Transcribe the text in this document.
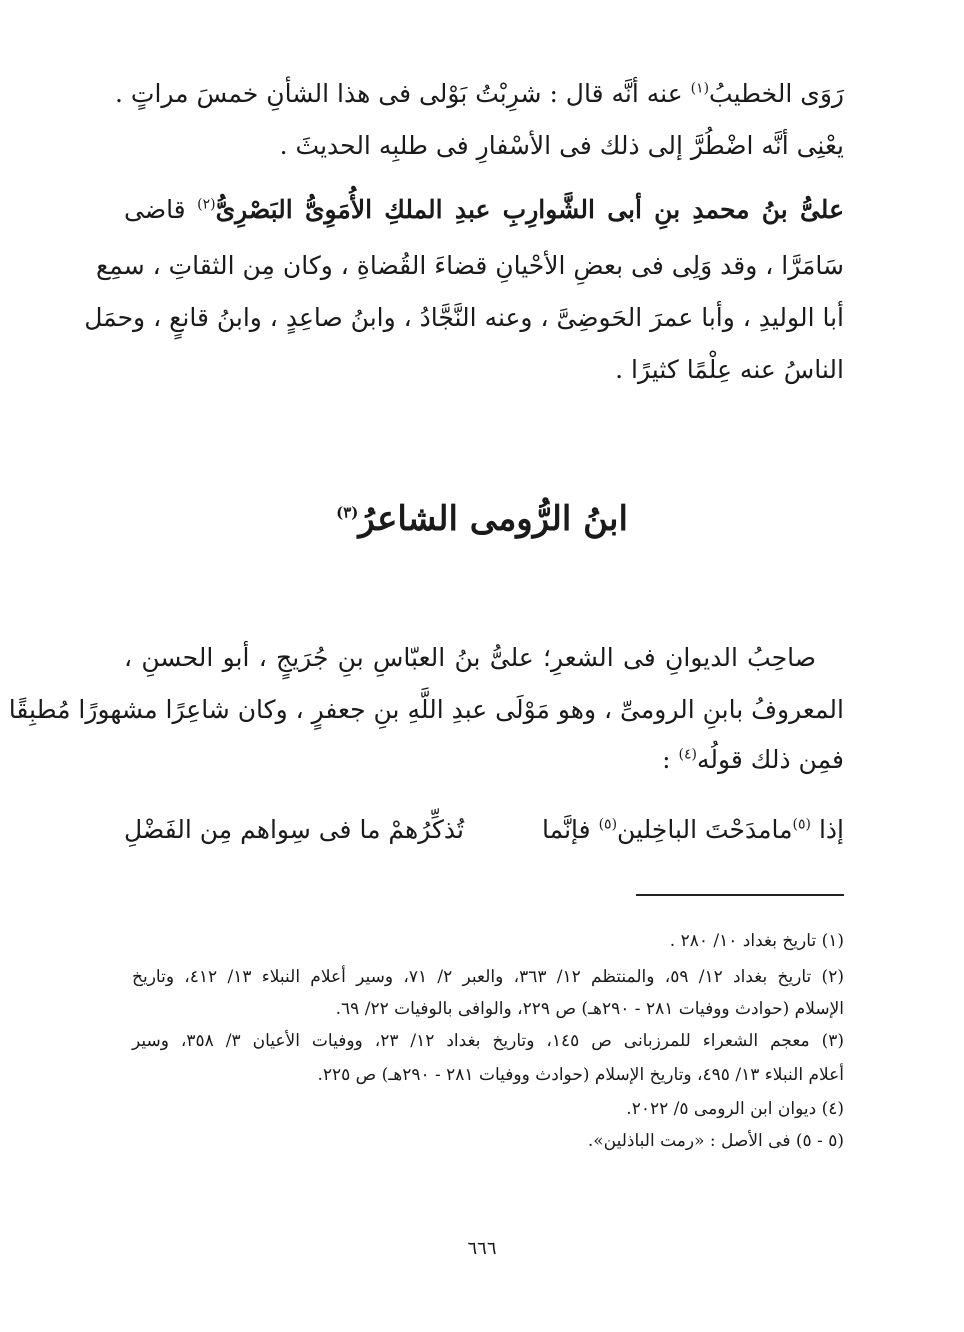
رَوَى الخطيبُ$^{(١)}$ عنه أنَّه قال : شرِبْتُ بَوْلى فى هذا الشأنِ خمسَ مراتٍ .
يعْنِى أنَّه اضْطُرَّ إلى ذلك فى الأسْفارِ فى طلبِه الحديثَ .
علىُّ بنُ محمدِ بنِ أبى الشَّوارِبِ عبدِ الملكِ الأُمَوِىُّ البَصْرِىُّ$^{(٢)}$ قاضى
سَامَرَّا ، وقد وَلِى فى بعضِ الأحْيانِ قضاءَ القُضاةِ ، وكان مِن الثقاتِ ، سمِع
أبا الوليدِ ، وأبا عمرَ الحَوضِىَّ ، وعنه النَّجَّادُ ، وابنُ صاعِدٍ ، وابنُ قانعٍ ، وحمَل
الناسُ عنه عِلْمًا كثيرًا .
ابنُ الرُّومى الشاعرُ$^{(٣)}$
صاحِبُ الديوانِ فى الشعرِ؛ علىُّ بنُ العبّاسِ بنِ جُرَيجٍ ، أبو الحسنِ ،
المعروفُ بابنِ الرومىِّ ، وهو مَوْلَى عبدِ اللَّهِ بنِ جعفرٍ ، وكان شاعِرًا مشهورًا مُطبِقًا
فمِن ذلك قولُه$^{(٤)}$ :
إذا $^{(٥)}$مامدَحْتَ الباخِلين$^{(٥)}$ فإنَّما
تُذكِّرُهمْ ما فى سِواهم مِن الفَضْلِ
(١) تاريخ بغداد ١٠/ ٢٨٠ .
(٢) تاريخ بغداد ١٢/ ٥٩، والمنتظم ١٢/ ٣٦٣، والعبر ٢/ ٧١، وسير أعلام النبلاء ١٣/ ٤١٢، وتاريخ
الإسلام (حوادث ووفيات ٢٨١ - ٢٩٠هـ) ص ٢٢٩، والوافى بالوفيات ٢٢/ ٦٩.
(٣) معجم الشعراء للمرزبانى ص ١٤٥، وتاريخ بغداد ١٢/ ٢٣، ووفيات الأعيان ٣/ ٣٥٨، وسير
أعلام النبلاء ١٣/ ٤٩٥، وتاريخ الإسلام (حوادث ووفيات ٢٨١ - ٢٩٠هـ) ص ٢٢٥.
(٤) ديوان ابن الرومى ٥/ ٢٠٢٢.
(٥ - ٥) فى الأصل : «رمت الباذلين».
٦٦٦
